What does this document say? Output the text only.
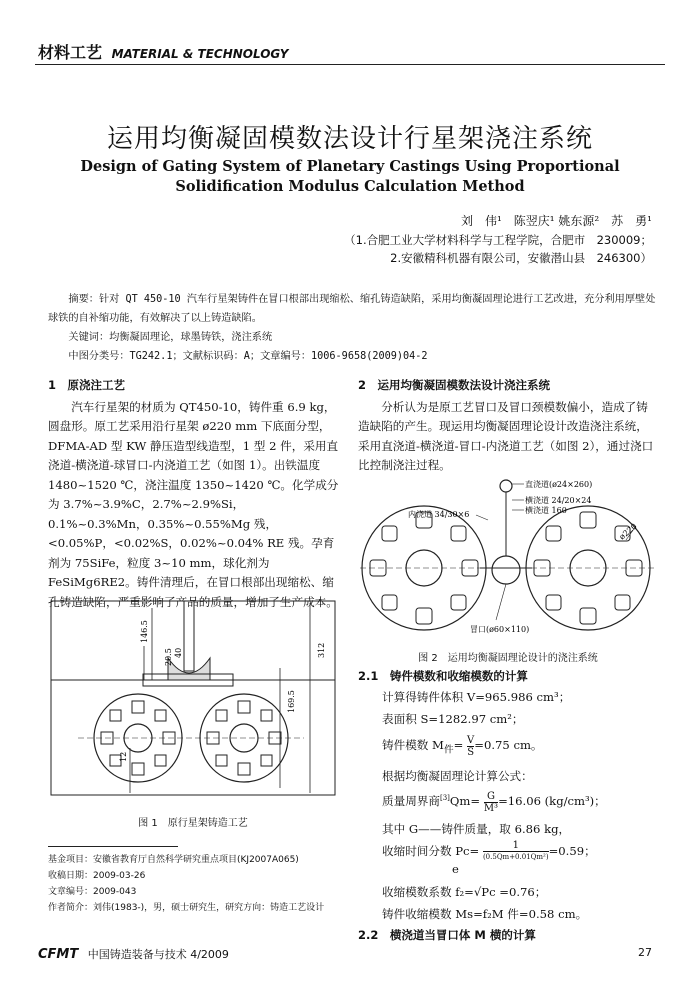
材料工艺 MATERIAL & TECHNOLOGY
运用均衡凝固模数法设计行星架浇注系统
Design of Gating System of Planetary Castings Using Proportional
Solidification Modulus Calculation Method
刘　伟¹　陈翌庆¹ 姚东源²　苏　勇¹
（1.合肥工业大学材料科学与工程学院，合肥市　230009；
2.安徽精科机器有限公司，安徽潜山县　246300）

摘要：针对 QT 450-10 汽车行星架铸件在冒口根部出现缩松、缩孔铸造缺陷，采用均衡凝固理论进行工艺改进，充分利用厚壁处球铁的自补缩功能，有效解决了以上铸造缺陷。

关键词：均衡凝固理论，球墨铸铁，浇注系统

中图分类号：TG242.1；文献标识码：A；文章编号：1006-9658(2009)04-2

1　原浇注工艺

汽车行星架的材质为 QT450-10，铸件重 6.9 kg，圆盘形。原工艺采用沿行星架 ø220 mm 下底面分型，DFMA-AD 型 KW 静压造型线造型，1 型 2 件，采用直浇道-横浇道-球冒口-内浇道工艺（如图 1）。出铁温度 1480~1520 ℃，浇注温度 1350~1420 ℃。化学成分为 3.7%~3.9%C，2.7%~2.9%Si，0.1%~0.3%Mn，0.35%~0.55%Mg 残，<0.05%P，<0.02%S，0.02%~0.04% RE 残。孕育剂为 75SiFe，粒度 3~10 mm，球化剂为 FeSiMg6RE2。铸件清理后，在冒口根部出现缩松、缩孔铸造缺陷，严重影响了产品的质量，增加了生产成本。

146.5
20.5 40	312
169.5
12
图 1　原行星架铸造工艺

基金项目：安徽省教育厅自然科学研究重点项目(KJ2007A065)

收稿日期：2009-03-26

文章编号：2009-043

作者简介：刘伟(1983-)，男，硕士研究生，研究方向：铸造工艺设计

2　运用均衡凝固模数法设计浇注系统

分析认为是原工艺冒口及冒口颈模数偏小，造成了铸造缺陷的产生。现运用均衡凝固理论设计改造浇注系统，采用直浇道-横浇道-冒口-内浇道工艺（如图 2），通过浇口比控制浇注过程。

直浇道(ø24×260)
横浇道 24/20×24
横浇道 160
内浇道 34/30×6
ø220
冒口(ø60×110)
图 2　运用均衡凝固理论设计的浇注系统
2.1　铸件模数和收缩模数的计算

计算得铸件体积 V=965.986 cm³；

表面积 S=1282.97 cm²；

铸件模数 $M_件= \frac{V}{S} =0.75$ cm。

根据均衡凝固理论计算公式：

质量周界商$[3]Qm= \frac{G}{\text{M³}} =16.06$ (kg/cm³)；

其中 G——铸件质量，取 6.86 kg，

收缩时间分数 $Pc= \frac{1}{\text{(0.5Qm+0.01Qm²)}} =0.59$；

e

收缩模数系数 f₂=√Pc =0.76；

铸件收缩模数 Ms=f₂M 件=0.58 cm。

2.2　横浇道当冒口体 M 横的计算
CFMT 中国铸造装备与技术 4/2009	27
